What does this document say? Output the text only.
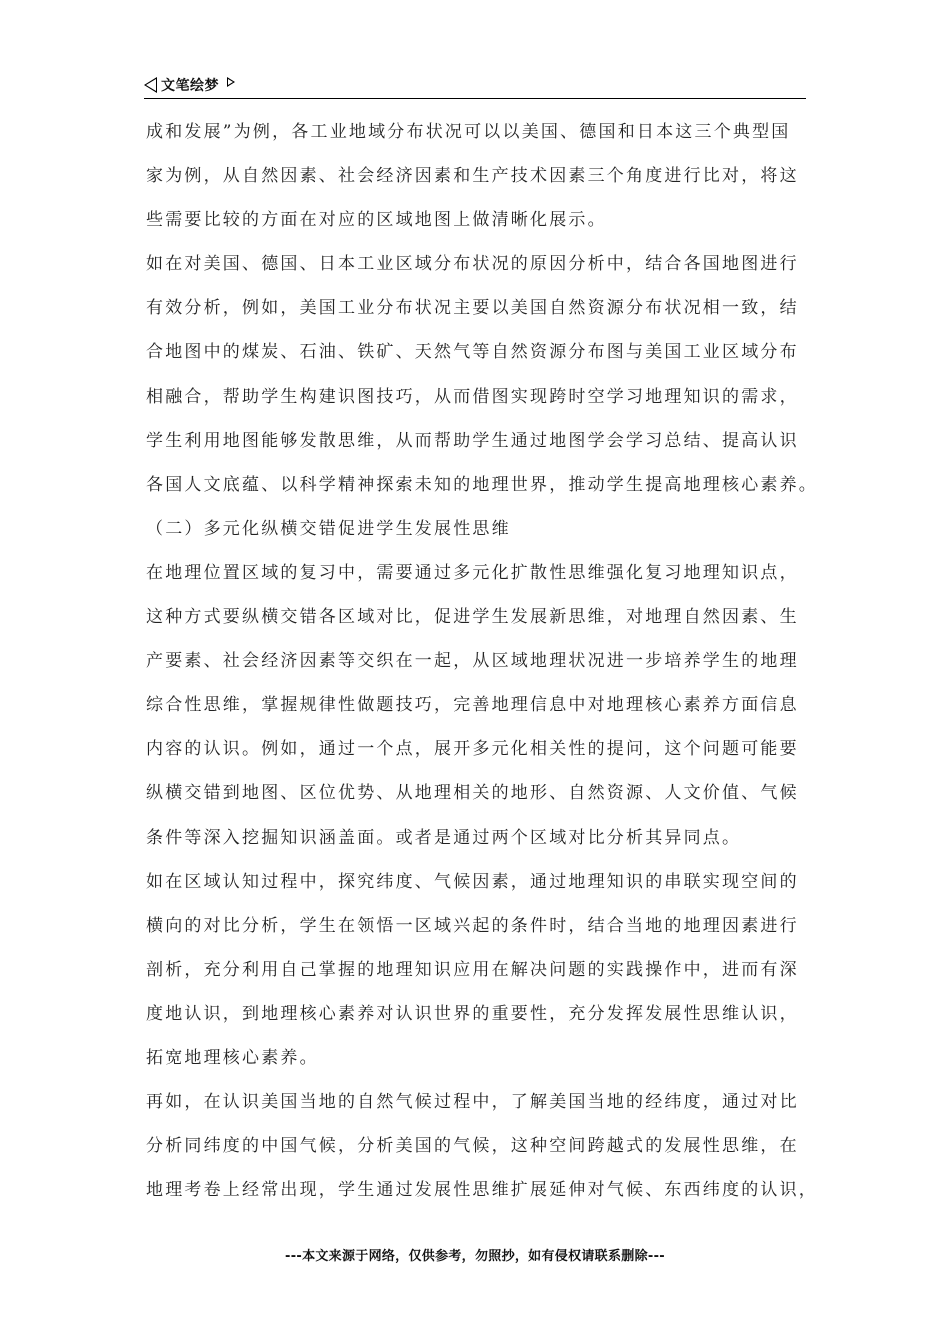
文笔绘梦
成和发展”为例，各工业地域分布状况可以以美国、德国和日本这三个典型国
家为例，从自然因素、社会经济因素和生产技术因素三个角度进行比对，将这
些需要比较的方面在对应的区域地图上做清晰化展示。
如在对美国、德国、日本工业区域分布状况的原因分析中，结合各国地图进行
有效分析，例如，美国工业分布状况主要以美国自然资源分布状况相一致，结
合地图中的煤炭、石油、铁矿、天然气等自然资源分布图与美国工业区域分布
相融合，帮助学生构建识图技巧，从而借图实现跨时空学习地理知识的需求，
学生利用地图能够发散思维，从而帮助学生通过地图学会学习总结、提高认识
各国人文底蕴、以科学精神探索未知的地理世界，推动学生提高地理核心素养。
（二）多元化纵横交错促进学生发展性思维
在地理位置区域的复习中，需要通过多元化扩散性思维强化复习地理知识点，
这种方式要纵横交错各区域对比，促进学生发展新思维，对地理自然因素、生
产要素、社会经济因素等交织在一起，从区域地理状况进一步培养学生的地理
综合性思维，掌握规律性做题技巧，完善地理信息中对地理核心素养方面信息
内容的认识。例如，通过一个点，展开多元化相关性的提问，这个问题可能要
纵横交错到地图、区位优势、从地理相关的地形、自然资源、人文价值、气候
条件等深入挖掘知识涵盖面。或者是通过两个区域对比分析其异同点。
如在区域认知过程中，探究纬度、气候因素，通过地理知识的串联实现空间的
横向的对比分析，学生在领悟一区域兴起的条件时，结合当地的地理因素进行
剖析，充分利用自己掌握的地理知识应用在解决问题的实践操作中，进而有深
度地认识，到地理核心素养对认识世界的重要性，充分发挥发展性思维认识，
拓宽地理核心素养。
再如，在认识美国当地的自然气候过程中，了解美国当地的经纬度，通过对比
分析同纬度的中国气候，分析美国的气候，这种空间跨越式的发展性思维，在
地理考卷上经常出现，学生通过发展性思维扩展延伸对气候、东西纬度的认识，
---本文来源于网络，仅供参考，勿照抄，如有侵权请联系删除---
